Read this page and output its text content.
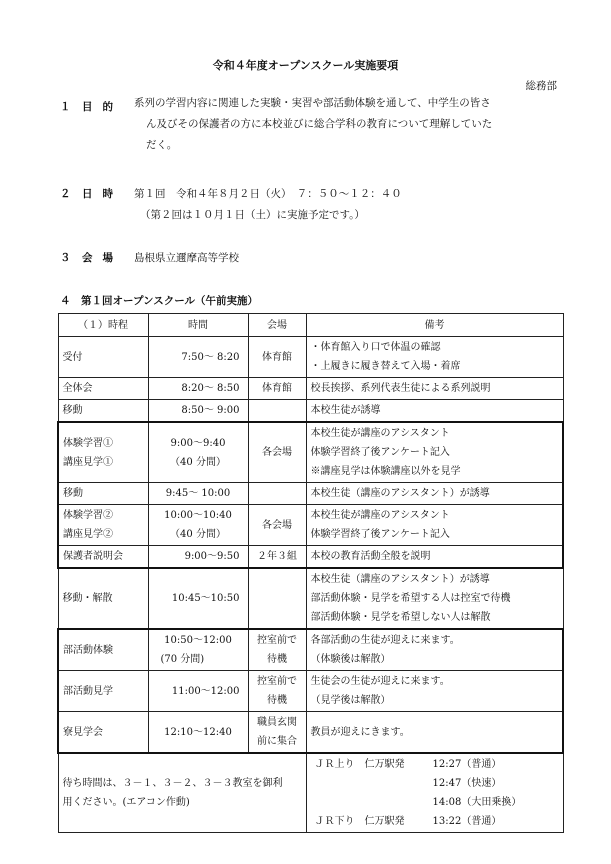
令和４年度オープンスクール実施要項
総務部
１ 目的 系列の学習内容に関連した実験・実習や部活動体験を通して、中学生の皆さ
ん及びその保護者の方に本校並びに総合学科の教育について理解していた
だく。
２ 日時 第１回　令和４年８月２日（火）　７：５０～１２：４０
（第２回は１０月１日（土）に実施予定です。）
３ 会場 島根県立邇摩高等学校
４　第１回オープンスクール（午前実施）
（１）時程	時間	会場	備考
受付	7:50～ 8:20	体育館	・体育館入り口で体温の確認
・上履きに履き替えて入場・着席

全体会	8:20～ 8:50	体育館	校長挨拶、系列代表生徒による系列説明
移動	8:50～ 9:00		本校生徒が誘導

体験学習①
講座見学①	9:00～9:40
（40 分間）	各会場	本校生徒が講座のアシスタント
体験学習終了後アンケート記入
※講座見学は体験講座以外を見学

移動	9:45～ 10:00		本校生徒（講座のアシスタント）が誘導

体験学習②
講座見学②	10:00～10:40
（40 分間）	各会場	本校生徒が講座のアシスタント
体験学習終了後アンケート記入

保護者説明会	9:00～9:50	２年３組	本校の教育活動全般を説明
移動・解散	10:45～10:50		本校生徒（講座のアシスタント）が誘導
部活動体験・見学を希望する人は控室で待機
部活動体験・見学を希望しない人は解散

部活動体験	10:50～12:00
(70 分間)	控室前で
待機	各部活動の生徒が迎えに来ます。
（体験後は解散）

部活動見学	11:00～12:00	控室前で
待機	生徒会の生徒が迎えに来ます。
（見学後は解散）

寮見学会	12:10～12:40	職員玄関
前に集合	教員が迎えにきます。

待ち時間は、３－１、３－２、３－３教室を御利
用ください。(エアコン作動)			ＪＲ上り　仁万駅発 12:27（普通）
12:47（快速）
14:08（大田乗換）
ＪＲ下り　仁万駅発 13:22（普通）
